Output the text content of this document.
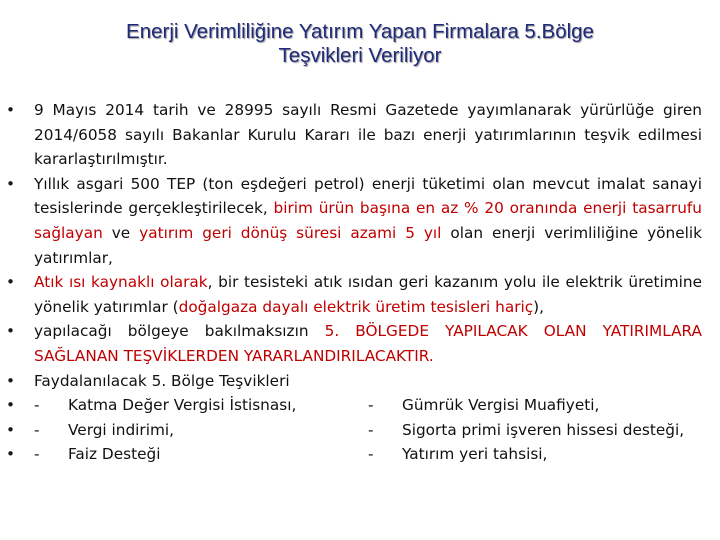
Enerji Verimliliğine Yatırım Yapan Firmalara 5.Bölge
Teşvikleri Veriliyor
• 9 Mayıs 2014 tarih ve 28995 sayılı Resmi Gazetede yayımlanarak yürürlüğe giren 2014/6058 sayılı Bakanlar Kurulu Kararı ile bazı enerji yatırımlarının teşvik edilmesi kararlaştırılmıştır.
• Yıllık asgari 500 TEP (ton eşdeğeri petrol) enerji tüketimi olan mevcut imalat sanayi tesislerinde gerçekleştirilecek, birim ürün başına en az % 20 oranında enerji tasarrufu sağlayan ve yatırım geri dönüş süresi azami 5 yıl olan enerji verimliliğine yönelik yatırımlar,
• Atık ısı kaynaklı olarak, bir tesisteki atık ısıdan geri kazanım yolu ile elektrik üretimine yönelik yatırımlar (doğalgaza dayalı elektrik üretim tesisleri hariç),
• yapılacağı bölgeye bakılmaksızın 5. BÖLGEDE YAPILACAK OLAN YATIRIMLARA SAĞLANAN TEŞVİKLERDEN YARARLANDIRILACAKTIR.
• Faydalanılacak 5. Bölge Teşvikleri
• -	Katma Değer Vergisi İstisnası,	-	Gümrük Vergisi Muafiyeti,
• -	Vergi indirimi,	-	Sigorta primi işveren hissesi desteği,
• -	Faiz Desteği	-	Yatırım yeri tahsisi,
